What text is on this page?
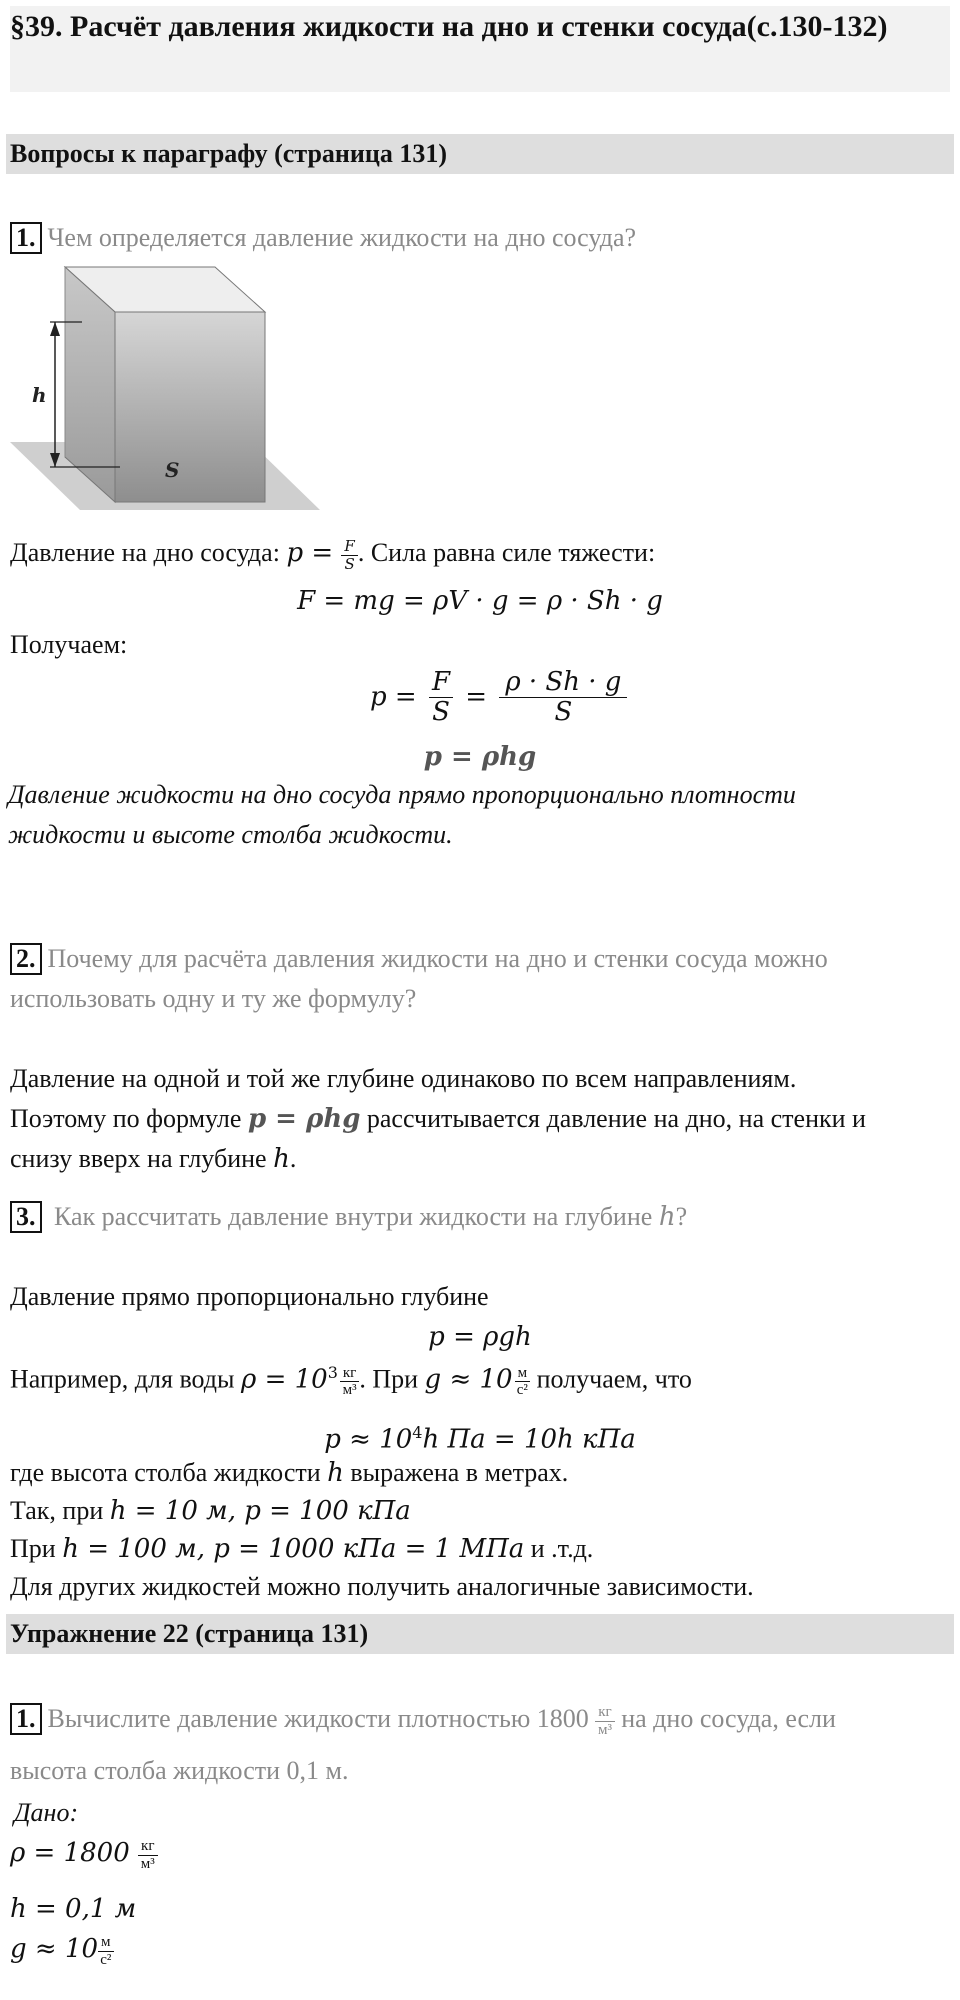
§39. Расчёт давления жидкости на дно и стенки сосуда(с.130-132)
Вопросы к параграфу (страница 131)
1. Чем определяется давление жидкости на дно сосуда?
h
S
Давление на дно сосуда: $p = \frac{F}{S}$ . Сила равна силе тяжести:
F = mg = ρV · g = ρ · Sh · g
Получаем:
$p = \frac{F}{S} = \frac{\rho \cdot Sh \cdot g}{S}$
p = ρhg
Давление жидкости на дно сосуда прямо пропорционально плотности
жидкости и высоте столба жидкости.
2. Почему для расчёта давления жидкости на дно и стенки сосуда можно
использовать одну и ту же формулу?
Давление на одной и той же глубине одинаково по всем направлениям.
Поэтому по формуле p = ρhg рассчитывается давление на дно, на стенки и
снизу вверх на глубине h.
3. Как рассчитать давление внутри жидкости на глубине h?
Давление прямо пропорционально глубине
p = ρgh
Например, для воды $\rho = 10^3 \frac{кг}{\text{м³}}$ . При $g \approx 10 \frac{м}{\text{с²}}$ получаем, что
$p \approx 10^4h$ Па = 10h кПа
где высота столба жидкости h выражена в метрах.
Так, при h = 10 м, p = 100 кПа
При h = 100 м, p = 1000 кПа = 1 МПа и .т.д.
Для других жидкостей можно получить аналогичные зависимости.
Упражнение 22 (страница 131)
1. Вычислите давление жидкости плотностью $1800 \frac{кг}{\text{м³}}$ на дно сосуда, если
высота столба жидкости 0,1 м.
Дано:
$\rho = 1800 \frac{кг}{\text{м³}}$
h = 0,1 м
$g \approx 10 \frac{м}{\text{с²}}$
